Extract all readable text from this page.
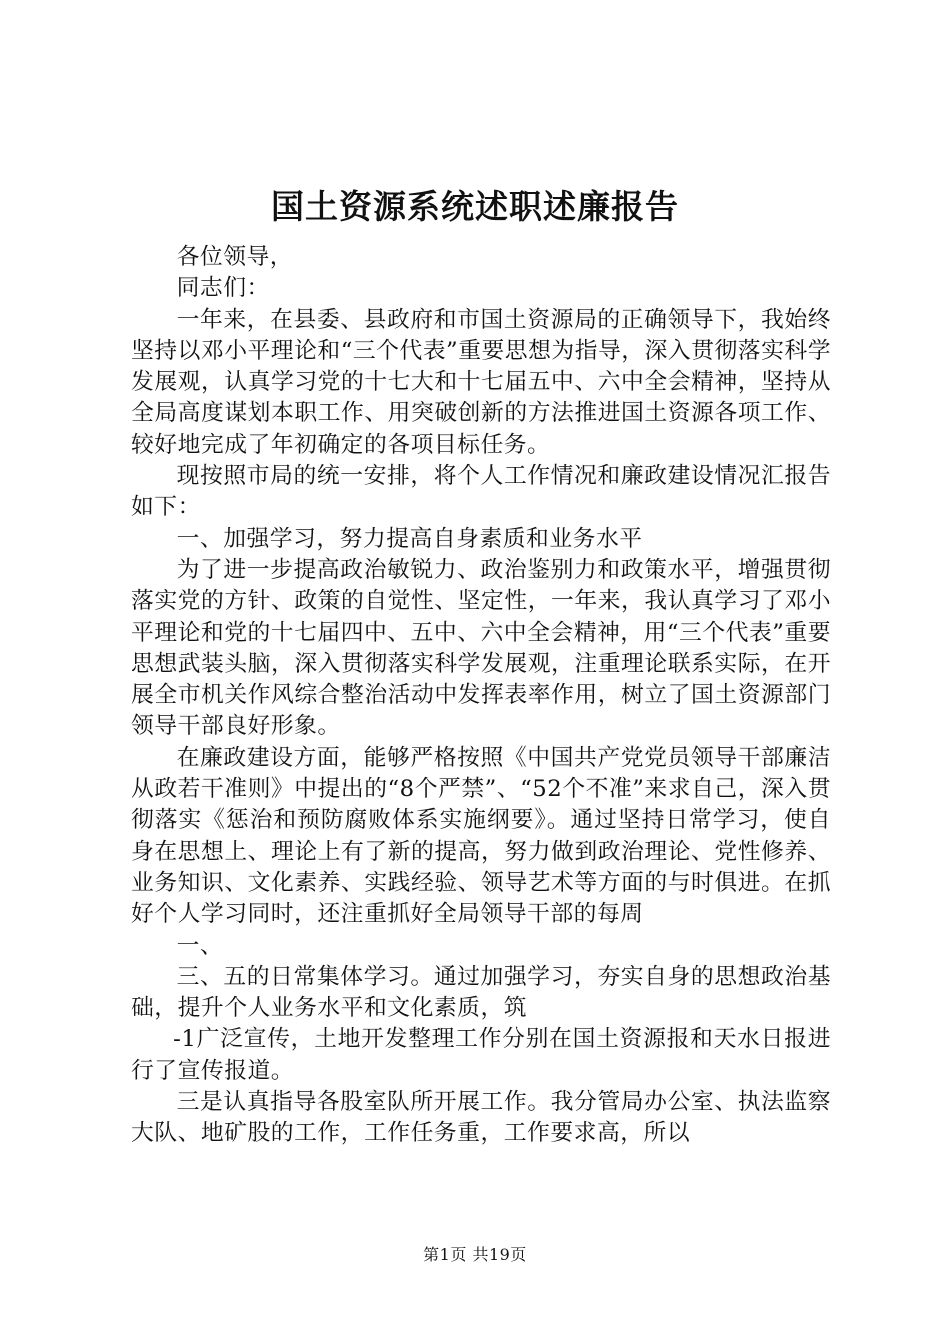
国土资源系统述职述廉报告

各位领导，

同志们：

一年来，在县委、县政府和市国土资源局的正确领导下，我始终坚持以邓小平理论和“三个代表”重要思想为指导，深入贯彻落实科学发展观，认真学习党的十七大和十七届五中、六中全会精神，坚持从全局高度谋划本职工作、用突破创新的方法推进国土资源各项工作、较好地完成了年初确定的各项目标任务。

现按照市局的统一安排，将个人工作情况和廉政建设情况汇报告如下：

一、加强学习，努力提高自身素质和业务水平

为了进一步提高政治敏锐力、政治鉴别力和政策水平，增强贯彻落实党的方针、政策的自觉性、坚定性，一年来，我认真学习了邓小平理论和党的十七届四中、五中、六中全会精神，用“三个代表”重要思想武装头脑，深入贯彻落实科学发展观，注重理论联系实际，在开展全市机关作风综合整治活动中发挥表率作用，树立了国土资源部门领导干部良好形象。

在廉政建设方面，能够严格按照《中国共产党党员领导干部廉洁从政若干准则》中提出的“8个严禁”、“52个不准”来求自己，深入贯彻落实《惩治和预防腐败体系实施纲要》。通过坚持日常学习，使自身在思想上、理论上有了新的提高，努力做到政治理论、党性修养、业务知识、文化素养、实践经验、领导艺术等方面的与时俱进。在抓好个人学习同时，还注重抓好全局领导干部的每周

一、

三、五的日常集体学习。通过加强学习，夯实自身的思想政治基础，提升个人业务水平和文化素质，筑

-1广泛宣传，土地开发整理工作分别在国土资源报和天水日报进行了宣传报道。

三是认真指导各股室队所开展工作。我分管局办公室、执法监察大队、地矿股的工作，工作任务重，工作要求高，所以

第1页 共19页
